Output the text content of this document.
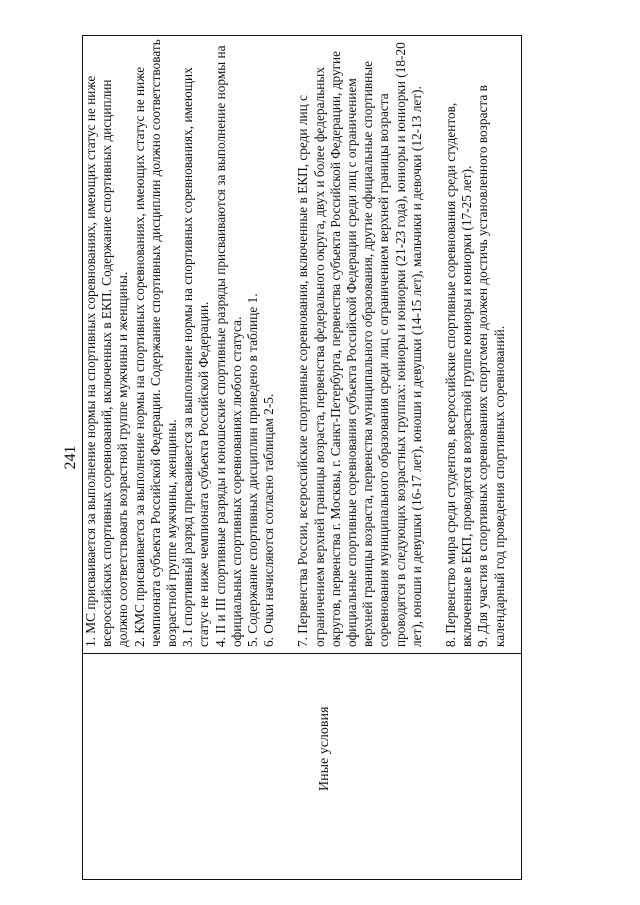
241
Иные условия

1. МС присваивается за выполнение нормы на спортивных соревнованиях, имеющих статус не ниже всероссийских спортивных соревнований, включенных в ЕКП. Содержание спортивных дисциплин должно соответствовать возрастной группе мужчины и женщины. 2. КМС присваивается за выполнение нормы на спортивных соревнованиях, имеющих статус не ниже чемпионата субъекта Российской Федерации. Содержание спортивных дисциплин должно соответствовать возрастной группе мужчины, женщины. 3. I спортивный разряд присваивается за выполнение нормы на спортивных соревнованиях, имеющих статус не ниже чемпионата субъекта Российской Федерации. 4. II и III спортивные разряды и юношеские спортивные разряды присваиваются за выполнение нормы на официальных спортивных соревнованиях любого статуса. 5. Содержание спортивных дисциплин приведено в таблице 1. 6. Очки начисляются согласно таблицам 2-5. 7. Первенства России, всероссийские спортивные соревнования, включенные в ЕКП, среди лиц с ограничением верхней границы возраста, первенства федерального округа, двух и более федеральных округов, первенства г. Москвы, г. Санкт-Петербурга, первенства субъекта Российской Федерации, другие официальные спортивные соревнования субъекта Российской Федерации среди лиц с ограничением верхней границы возраста, первенства муниципального образования, другие официальные спортивные соревнования муниципального образования среди лиц с ограничением верхней границы возраста проводятся в следующих возрастных группах: юниоры и юниорки (21-23 года), юниоры и юниорки (18-20 лет), юноши и девушки (16-17 лет), юноши и девушки (14-15 лет), мальчики и девочки (12-13 лет). 8. Первенство мира среди студентов, всероссийские спортивные соревнования среди студентов, включенные в ЕКП, проводятся в возрастной группе юниоры и юниорки (17-25 лет). 9. Для участия в спортивных соревнованиях спортсмен должен достичь установленного возраста в календарный год проведения спортивных соревнований.
